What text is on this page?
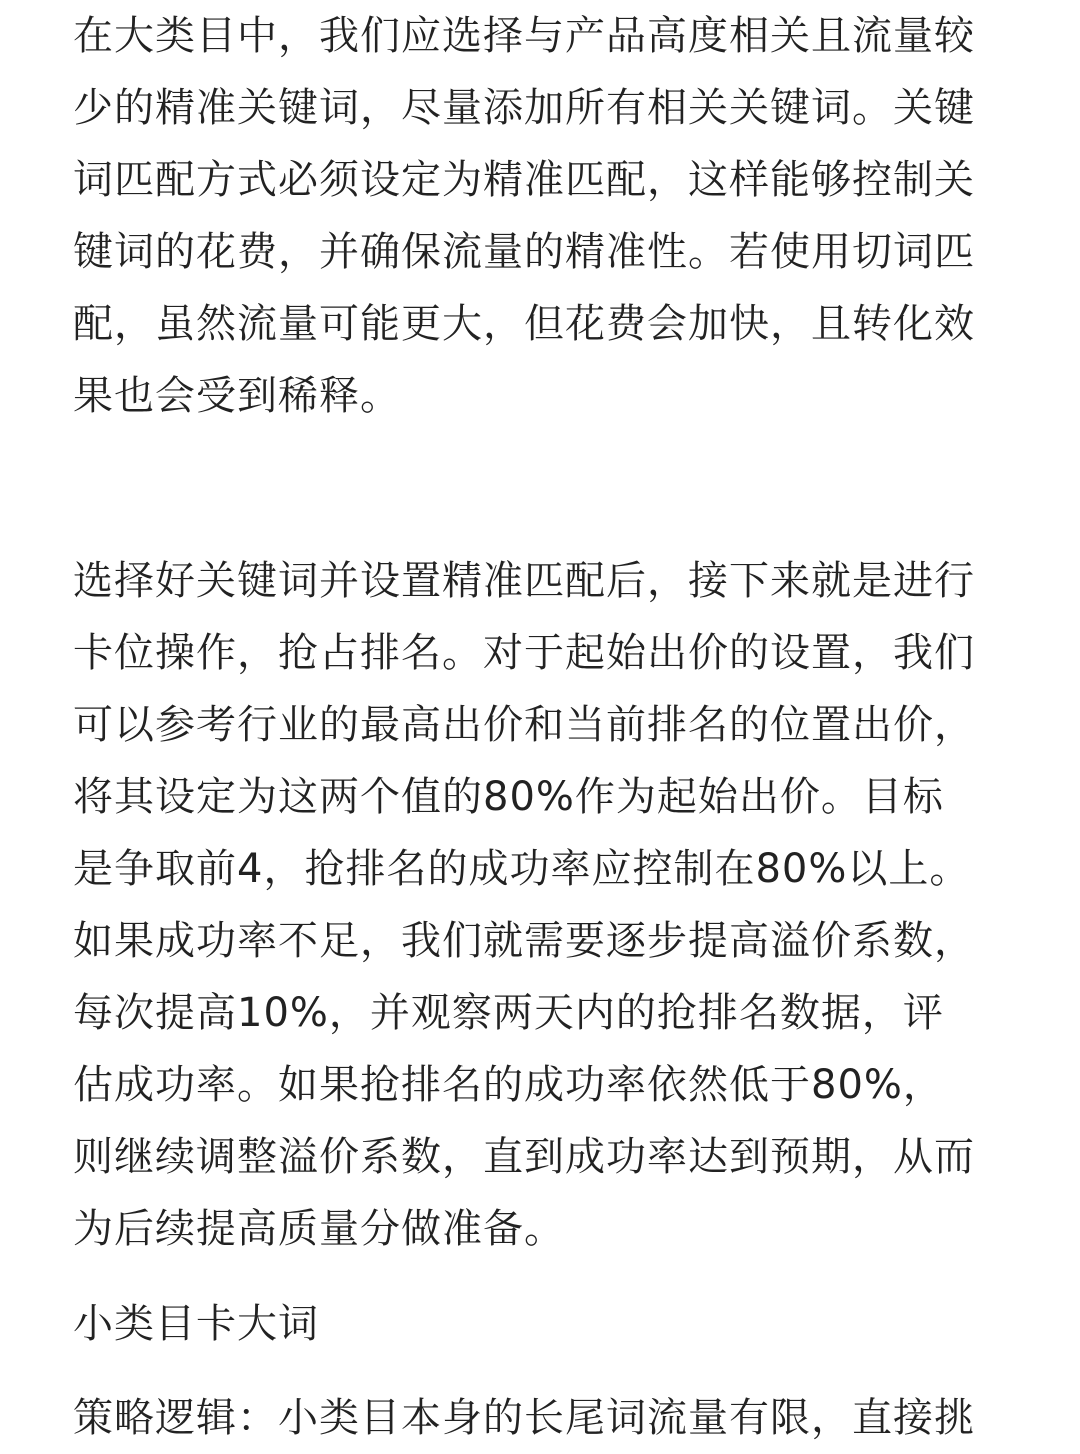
在大类目中，我们应选择与产品高度相关且流量较
少的精准关键词，尽量添加所有相关关键词。关键
词匹配方式必须设定为精准匹配，这样能够控制关
键词的花费，并确保流量的精准性。若使用切词匹
配，虽然流量可能更大，但花费会加快，且转化效
果也会受到稀释。
选择好关键词并设置精准匹配后，接下来就是进行
卡位操作，抢占排名。对于起始出价的设置，我们
可以参考行业的最高出价和当前排名的位置出价，
将其设定为这两个值的80%作为起始出价。目标
是争取前4，抢排名的成功率应控制在80%以上。
如果成功率不足，我们就需要逐步提高溢价系数，
每次提高10%，并观察两天内的抢排名数据，评
估成功率。如果抢排名的成功率依然低于80%，
则继续调整溢价系数，直到成功率达到预期，从而
为后续提高质量分做准备。
小类目卡大词
策略逻辑：小类目本身的长尾词流量有限，直接挑
